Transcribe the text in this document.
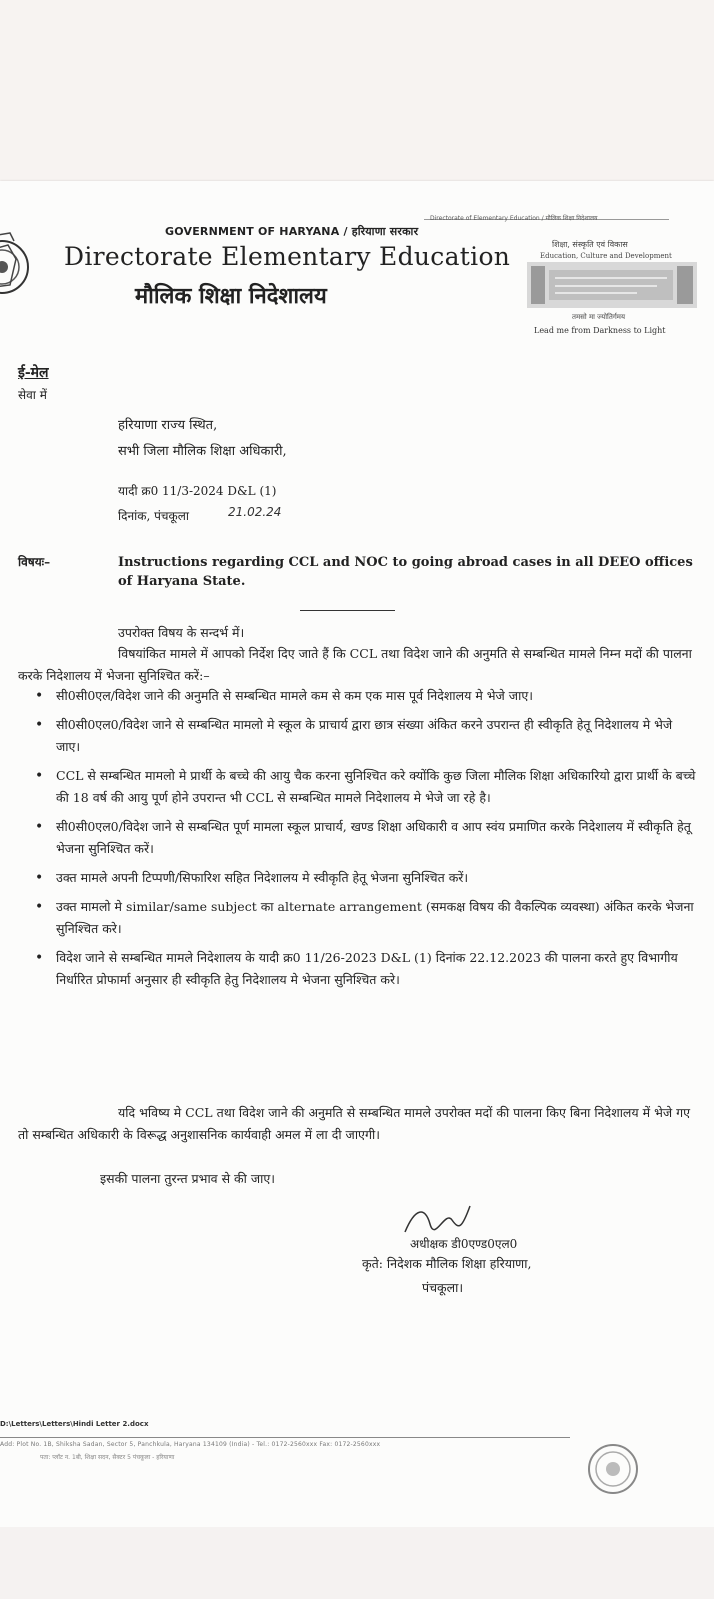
Directorate of Elementary Education / मौलिक शिक्षा निदेशालय
GOVERNMENT OF HARYANA / हरियाणा सरकार
Directorate Elementary Education
मौलिक शिक्षा निदेशालय
शिक्षा, संस्कृति एवं विकास
Education, Culture and Development
तमसो मा ज्योतिर्गमय
Lead me from Darkness to Light
ई-मेल
सेवा में
हरियाणा राज्य स्थित,
सभी जिला मौलिक शिक्षा अधिकारी,
यादी क्र0 11/3-2024 D&L (1)
दिनांक, पंचकूला	21.02.24
विषयः–	Instructions regarding CCL and NOC to going abroad cases in all DEEO offices of Haryana State.
उपरोक्त विषय के सन्दर्भ में।
विषयांकित मामले में आपको निर्देश दिए जाते हैं कि CCL तथा विदेश जाने की अनुमति से सम्बन्धित मामले निम्न मदों की पालना करके निदेशालय में भेजना सुनिश्चित करें:–
• सी0सी0एल/विदेश जाने की अनुमति से सम्बन्धित मामले कम से कम एक मास पूर्व निदेशालय मे भेजे जाए।
• सी0सी0एल0/विदेश जाने से सम्बन्धित मामलो मे स्कूल के प्राचार्य द्वारा छात्र संख्या अंकित करने उपरान्त ही स्वीकृति हेतू निदेशालय मे भेजे जाए।
• CCL से सम्बन्धित मामलो मे प्रार्थी के बच्चे की आयु चैक करना सुनिश्चित करे क्योंकि कुछ जिला मौलिक शिक्षा अधिकारियो द्वारा प्रार्थी के बच्चे की 18 वर्ष की आयु पूर्ण होने उपरान्त भी CCL से सम्बन्धित मामले निदेशालय मे भेजे जा रहे है।
• सी0सी0एल0/विदेश जाने से सम्बन्धित पूर्ण मामला स्कूल प्राचार्य, खण्ड शिक्षा अधिकारी व आप स्वंय प्रमाणित करके निदेशालय में स्वीकृति हेतू भेजना सुनिश्चित करें।
• उक्त मामले अपनी टिप्पणी/सिफारिश सहित निदेशालय मे स्वीकृति हेतू भेजना सुनिश्चित करें।
• उक्त मामलो मे similar/same subject का alternate arrangement (समकक्ष विषय की वैकल्पिक व्यवस्था) अंकित करके भेजना सुनिश्चित करे।
• विदेश जाने से सम्बन्धित मामले निदेशालय के यादी क्र0 11/26-2023 D&L (1) दिनांक 22.12.2023 की पालना करते हुए विभागीय निर्धारित प्रोफार्मा अनुसार ही स्वीकृति हेतु निदेशालय मे भेजना सुनिश्चित करे।
यदि भविष्य मे CCL तथा विदेश जाने की अनुमति से सम्बन्धित मामले उपरोक्त मदों की पालना किए बिना निदेशालय में भेजे गए तो सम्बन्धित अधिकारी के विरूद्ध अनुशासनिक कार्यवाही अमल में ला दी जाएगी।
इसकी पालना तुरन्त प्रभाव से की जाए।
अधीक्षक डी0एण्ड0एल0
कृते: निदेशक मौलिक शिक्षा हरियाणा,
पंचकूला।
D:\Letters\Letters\Hindi Letter 2.docx
Add: Plot No. 1B, Shiksha Sadan, Sector 5, Panchkula, Haryana 134109 (India) - Tel.: 0172-2560xxx Fax: 0172-2560xxx
पता: प्लॉट न. 1बी, शिक्षा सदन, सैक्टर 5 पंचकूला - हरियाणा
